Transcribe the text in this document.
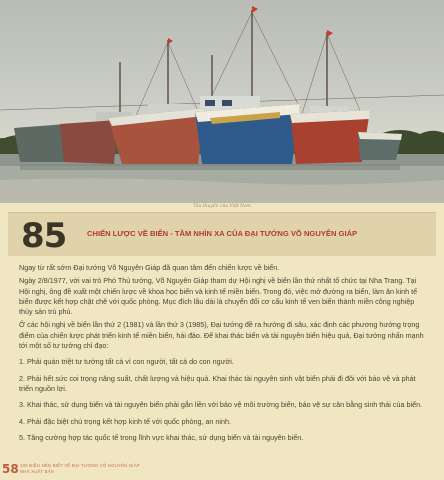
Tàu thuyền của Việt Nam
85	CHIẾN LƯỢC VỀ BIỂN - TẦM NHÌN XA CỦA ĐẠI TƯỚNG VÕ NGUYÊN GIÁP

Ngay từ rất sớm Đại tướng Võ Nguyên Giáp đã quan tâm đến chiến lược về biển.

Ngày 2/8/1977, với vai trò Phó Thủ tướng, Võ Nguyên Giáp tham dự Hội nghị về biển lần thứ nhất tổ chức tại Nha Trang. Tại Hội nghị, ông đề xuất một chiến lược về khoa học biển và kinh tế miền biển. Trong đó, việc mở đường ra biển, làm ăn kinh tế biển được kết hợp chặt chẽ với quốc phòng. Mục đích lâu dài là chuyển đổi cơ cấu kinh tế ven biển thành miền công nghiệp thủy sản trù phú.

Ở các hội nghị về biển lần thứ 2 (1981) và lần thứ 3 (1985), Đại tướng đề ra hướng đi sâu, xác định các phương hướng trọng điểm của chiến lược phát triển kinh tế miền biển, hải đảo. Để khai thác biển và tài nguyên biển hiệu quả, Đại tướng nhấn mạnh tới một số tư tưởng chỉ đạo:

1. Phải quán triệt tư tưởng tất cả vì con người, tất cả do con người.

2. Phải hết sức coi trọng năng suất, chất lượng và hiệu quả. Khai thác tài nguyên sinh vật biển phải đi đôi với bảo vệ và phát triển nguồn lợi.

3. Khai thác, sử dụng biển và tài nguyên biển phải gắn liền với bảo vệ môi trường biển, bảo vệ sự cân bằng sinh thái của biển.

4. Phải đặc biệt chú trọng kết hợp kinh tế với quốc phòng, an ninh.

5. Tăng cường hợp tác quốc tế trong lĩnh vực khai thác, sử dụng biển và tài nguyên biển.

58 100 ĐIỀU NÊN BIẾT VỀ ĐẠI TƯỚNG VÕ NGUYÊN GIÁP
NHÀ XUẤT BẢN
